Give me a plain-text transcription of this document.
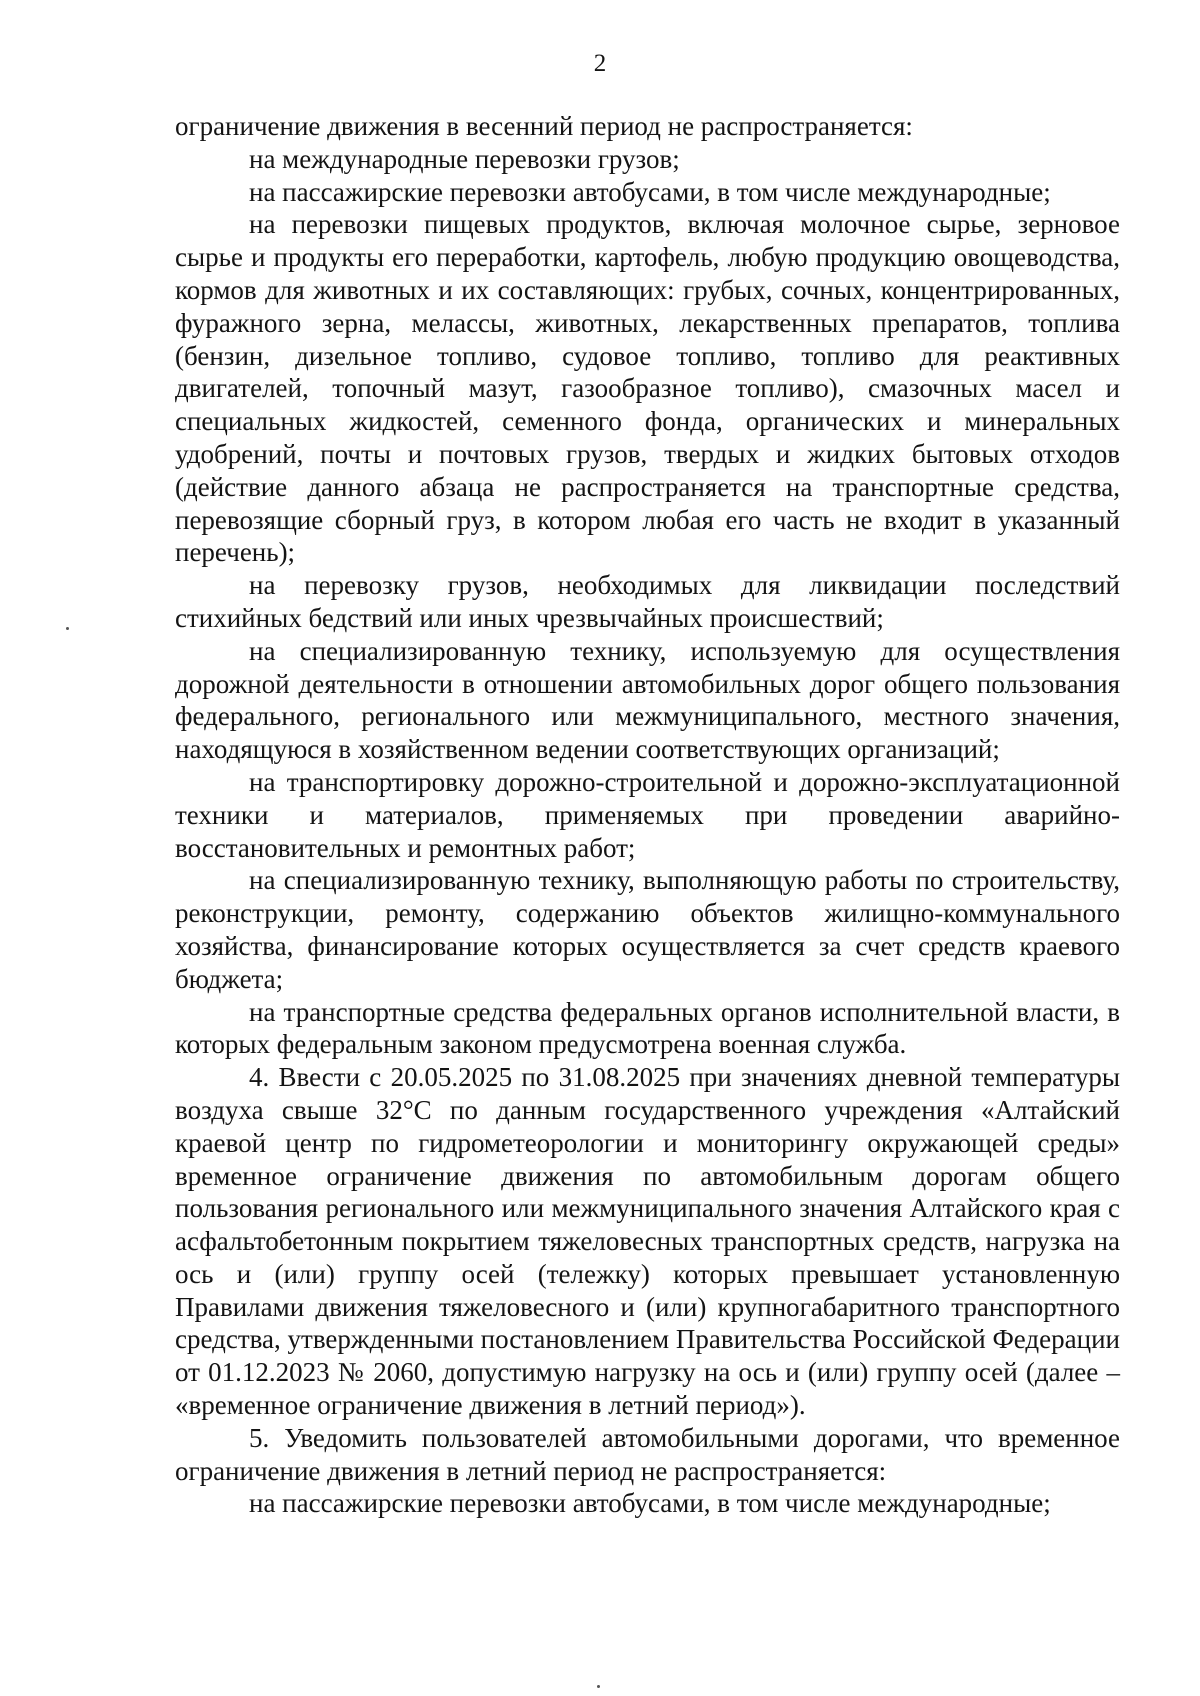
2

ограничение движения в весенний период не распространяется:

на международные перевозки грузов;

на пассажирские перевозки автобусами, в том числе международные;

на перевозки пищевых продуктов, включая молочное сырье, зерновое сырье и продукты его переработки, картофель, любую продукцию овощеводства, кормов для животных и их составляющих: грубых, сочных, концентрированных, фуражного зерна, мелассы, животных, лекарственных препаратов, топлива (бензин, дизельное топливо, судовое топливо, топливо для реактивных двигателей, топочный мазут, газообразное топливо), смазочных масел и специальных жидкостей, семенного фонда, органических и минеральных удобрений, почты и почтовых грузов, твердых и жидких бытовых отходов (действие данного абзаца не распространяется на транспортные средства, перевозящие сборный груз, в котором любая его часть не входит в указанный перечень);

на перевозку грузов, необходимых для ликвидации последствий стихийных бедствий или иных чрезвычайных происшествий;

на специализированную технику, используемую для осуществления дорожной деятельности в отношении автомобильных дорог общего пользования федерального, регионального или межмуниципального, местного значения, находящуюся в хозяйственном ведении соответствующих организаций;

на транспортировку дорожно-строительной и дорожно-эксплуатационной техники и материалов, применяемых при проведении аварийно-восстановительных и ремонтных работ;

на специализированную технику, выполняющую работы по строительству, реконструкции, ремонту, содержанию объектов жилищно-коммунального хозяйства, финансирование которых осуществляется за счет средств краевого бюджета;

на транспортные средства федеральных органов исполнительной власти, в которых федеральным законом предусмотрена военная служба.

4. Ввести с 20.05.2025 по 31.08.2025 при значениях дневной температуры воздуха свыше 32°С по данным государственного учреждения «Алтайский краевой центр по гидрометеорологии и мониторингу окружающей среды» временное ограничение движения по автомобильным дорогам общего пользования регионального или межмуниципального значения Алтайского края с асфальтобетонным покрытием тяжеловесных транспортных средств, нагрузка на ось и (или) группу осей (тележку) которых превышает установленную Правилами движения тяжеловесного и (или) крупногабаритного транспортного средства, утвержденными постановлением Правительства Российской Федерации от 01.12.2023 № 2060, допустимую нагрузку на ось и (или) группу осей (далее – «временное ограничение движения в летний период»).

5. Уведомить пользователей автомобильными дорогами, что временное ограничение движения в летний период не распространяется:

на пассажирские перевозки автобусами, в том числе международные;
